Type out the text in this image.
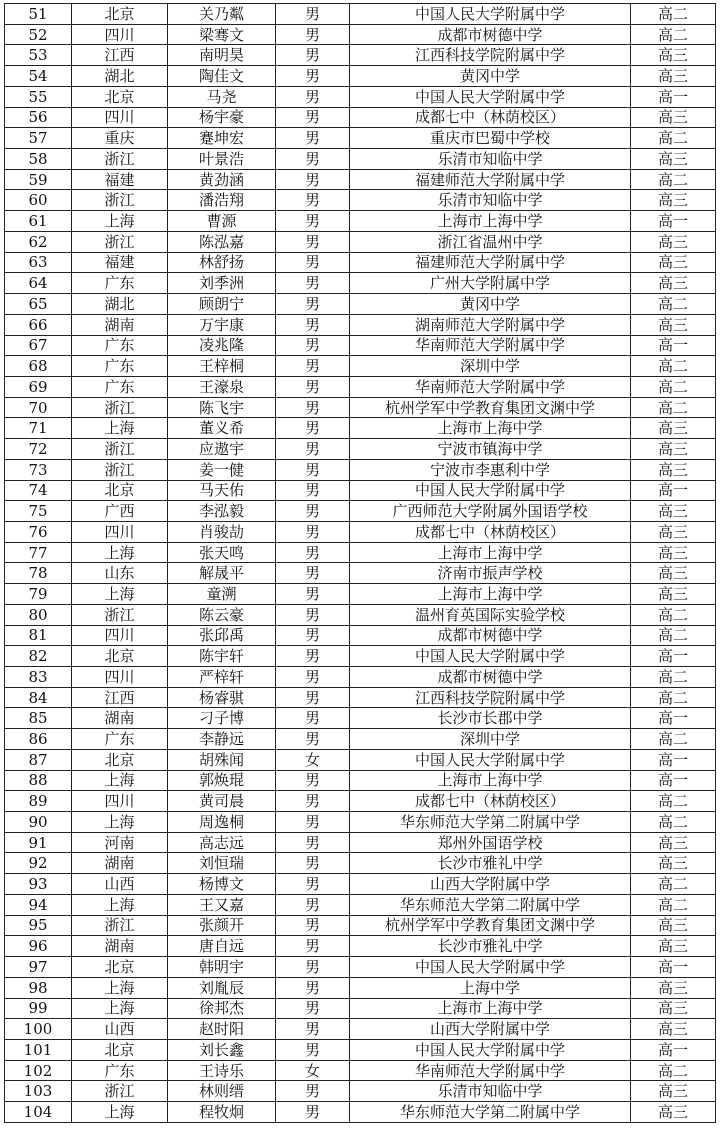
51	北京	关乃粼	男	中国人民大学附属中学	高二
52	四川	梁骞文	男	成都市树德中学	高二
53	江西	南明昊	男	江西科技学院附属中学	高三
54	湖北	陶佳文	男	黄冈中学	高三
55	北京	马尧	男	中国人民大学附属中学	高一
56	四川	杨宇豪	男	成都七中（林荫校区）	高三
57	重庆	蹇坤宏	男	重庆市巴蜀中学校	高二
58	浙江	叶景浩	男	乐清市知临中学	高三
59	福建	黄劲涵	男	福建师范大学附属中学	高二
60	浙江	潘浩翔	男	乐清市知临中学	高三
61	上海	曹源	男	上海市上海中学	高一
62	浙江	陈泓嘉	男	浙江省温州中学	高三
63	福建	林舒扬	男	福建师范大学附属中学	高三
64	广东	刘季洲	男	广州大学附属中学	高三
65	湖北	顾朗宁	男	黄冈中学	高二
66	湖南	万宇康	男	湖南师范大学附属中学	高三
67	广东	凌兆隆	男	华南师范大学附属中学	高一
68	广东	王梓桐	男	深圳中学	高二
69	广东	王濠泉	男	华南师范大学附属中学	高二
70	浙江	陈飞宇	男	杭州学军中学教育集团文渊中学	高二
71	上海	董义希	男	上海市上海中学	高三
72	浙江	应遨宇	男	宁波市镇海中学	高三
73	浙江	姜一健	男	宁波市李惠利中学	高三
74	北京	马天佑	男	中国人民大学附属中学	高一
75	广西	李泓毅	男	广西师范大学附属外国语学校	高三
76	四川	肖骏劼	男	成都七中（林荫校区）	高三
77	上海	张天鸣	男	上海市上海中学	高三
78	山东	解晟平	男	济南市振声学校	高三
79	上海	童溯	男	上海市上海中学	高三
80	浙江	陈云豪	男	温州育英国际实验学校	高二
81	四川	张邱禹	男	成都市树德中学	高二
82	北京	陈宇轩	男	中国人民大学附属中学	高一
83	四川	严梓轩	男	成都市树德中学	高二
84	江西	杨睿骐	男	江西科技学院附属中学	高二
85	湖南	刁子博	男	长沙市长郡中学	高一
86	广东	李静远	男	深圳中学	高二
87	北京	胡殊闻	女	中国人民大学附属中学	高一
88	上海	郭焕琨	男	上海市上海中学	高一
89	四川	黄司晨	男	成都七中（林荫校区）	高二
90	上海	周逸桐	男	华东师范大学第二附属中学	高二
91	河南	高志远	男	郑州外国语学校	高三
92	湖南	刘恒瑞	男	长沙市雅礼中学	高三
93	山西	杨博文	男	山西大学附属中学	高二
94	上海	王又嘉	男	华东师范大学第二附属中学	高二
95	浙江	张颜开	男	杭州学军中学教育集团文渊中学	高三
96	湖南	唐自远	男	长沙市雅礼中学	高三
97	北京	韩明宇	男	中国人民大学附属中学	高一
98	上海	刘胤辰	男	上海中学	高三
99	上海	徐邦杰	男	上海市上海中学	高三
100	山西	赵时阳	男	山西大学附属中学	高三
101	北京	刘长鑫	男	中国人民大学附属中学	高一
102	广东	王诗乐	女	华南师范大学附属中学	高二
103	浙江	林则缙	男	乐清市知临中学	高三
104	上海	程牧炯	男	华东师范大学第二附属中学	高三
